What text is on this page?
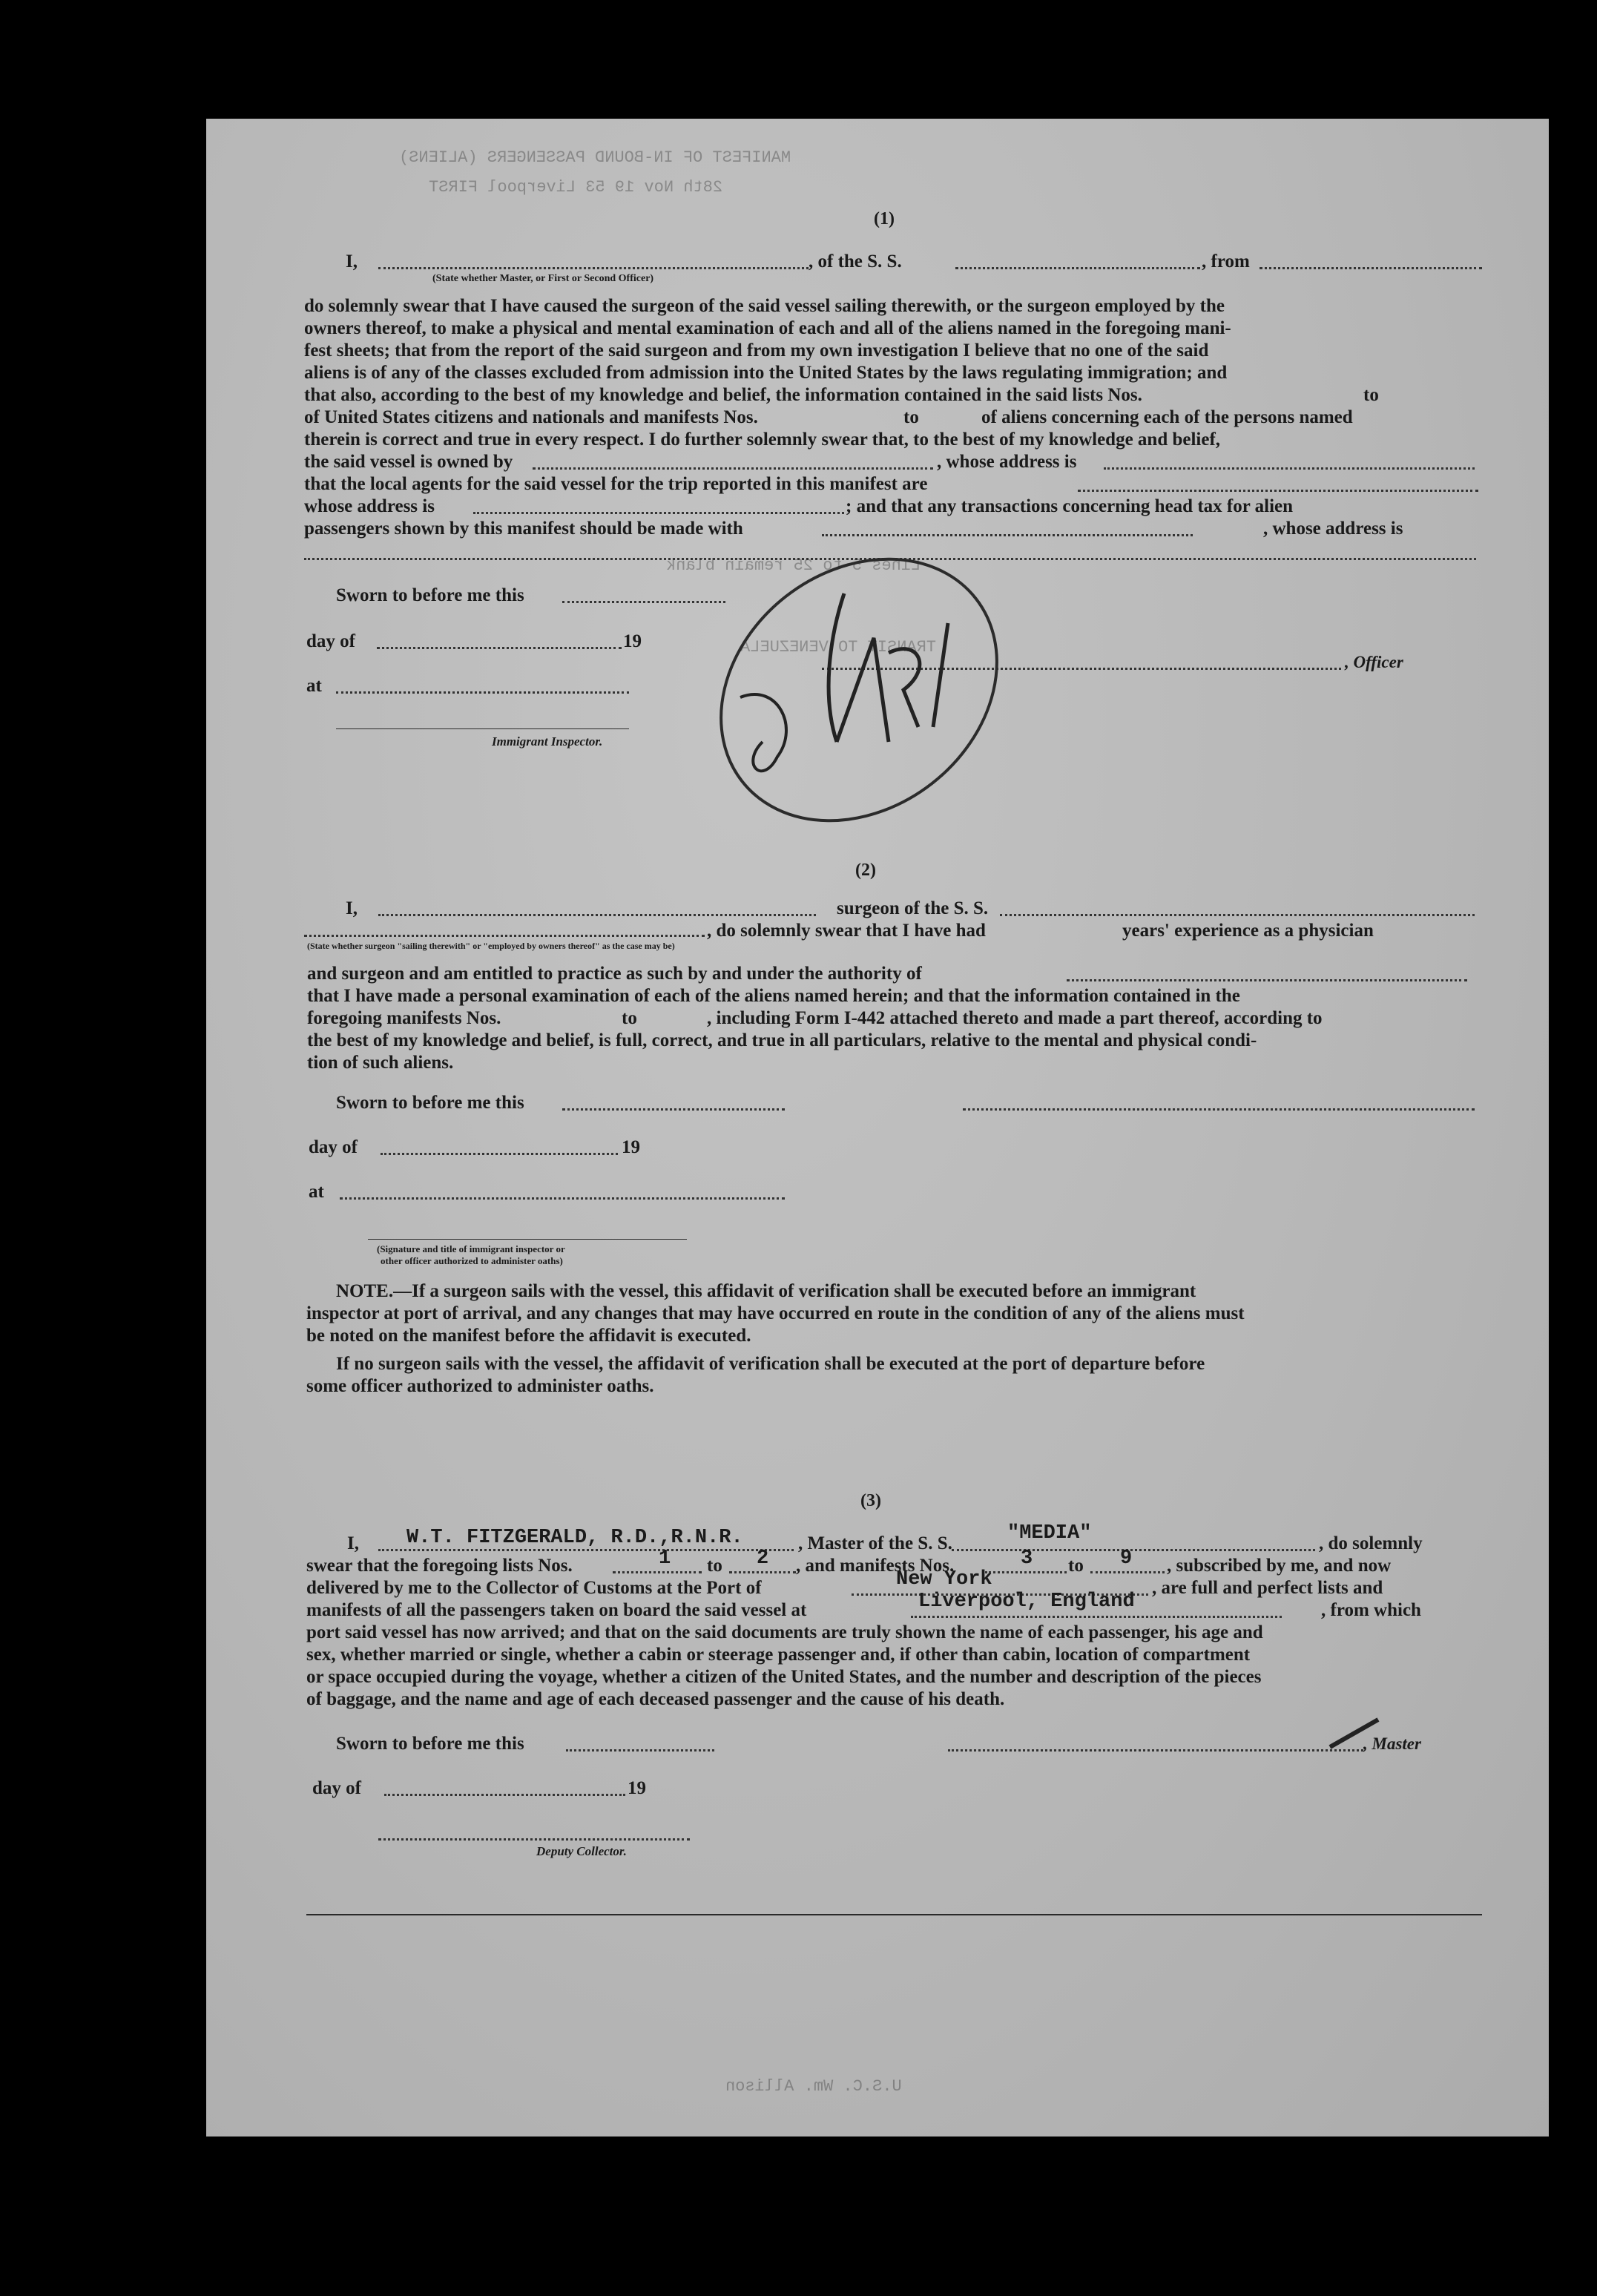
MANIFEST OF IN-BOUND PASSENGERS (ALIENS)
28th Nov 19 53 Liverpool FIRST
Lines 5 to 25 remain blank
TRANSIT TO VENEZUELA
U.S.C. Wm. Allison
(1)
I,	, of the S. S.	, from
(State whether Master, or First or Second Officer)
do solemnly swear that I have caused the surgeon of the said vessel sailing therewith, or the surgeon employed by the
owners thereof, to make a physical and mental examination of each and all of the aliens named in the foregoing mani-
fest sheets; that from the report of the said surgeon and from my own investigation I believe that no one of the said
aliens is of any of the classes excluded from admission into the United States by the laws regulating immigration; and
that also, according to the best of my knowledge and belief, the information contained in the said lists Nos.	to
of United States citizens and nationals and manifests Nos.	to	of aliens concerning each of the persons named
therein is correct and true in every respect. I do further solemnly swear that, to the best of my knowledge and belief,
the said vessel is owned by	, whose address is
that the local agents for the said vessel for the trip reported in this manifest are
whose address is	; and that any transactions concerning head tax for alien
passengers shown by this manifest should be made with	, whose address is
Sworn to before me this
day of	19
at
, Officer
Immigrant Inspector.
JNP
(2)
I,	surgeon of the S. S.
, do solemnly swear that I have had	years' experience as a physician
(State whether surgeon "sailing therewith" or "employed by owners thereof" as the case may be)
and surgeon and am entitled to practice as such by and under the authority of
that I have made a personal examination of each of the aliens named herein; and that the information contained in the
foregoing manifests Nos.	to	, including Form I-442 attached thereto and made a part thereof, according to
the best of my knowledge and belief, is full, correct, and true in all particulars, relative to the mental and physical condi-
tion of such aliens.
Sworn to before me this
day of	19
at
(Signature and title of immigrant inspector or
other officer authorized to administer oaths)
NOTE.—If a surgeon sails with the vessel, this affidavit of verification shall be executed before an immigrant
inspector at port of arrival, and any changes that may have occurred en route in the condition of any of the aliens must
be noted on the manifest before the affidavit is executed.
If no surgeon sails with the vessel, the affidavit of verification shall be executed at the port of departure before
some officer authorized to administer oaths.
(3)
I, W.T. FITZGERALD, R.D.,R.N.R.	, Master of the S. S.	"MEDIA"	, do solemnly
swear that the foregoing lists Nos.	1 to 2 , and manifests Nos.	3 to 9 , subscribed by me, and now
delivered by me to the Collector of Customs at the Port of	New York	, are full and perfect lists and
manifests of all the passengers taken on board the said vessel at	Liverpool, England	, from which
port said vessel has now arrived; and that on the said documents are truly shown the name of each passenger, his age and
sex, whether married or single, whether a cabin or steerage passenger and, if other than cabin, location of compartment
or space occupied during the voyage, whether a citizen of the United States, and the number and description of the pieces
of baggage, and the name and age of each deceased passenger and the cause of his death.
Sworn to before me this	, Master
day of	19
Deputy Collector.
